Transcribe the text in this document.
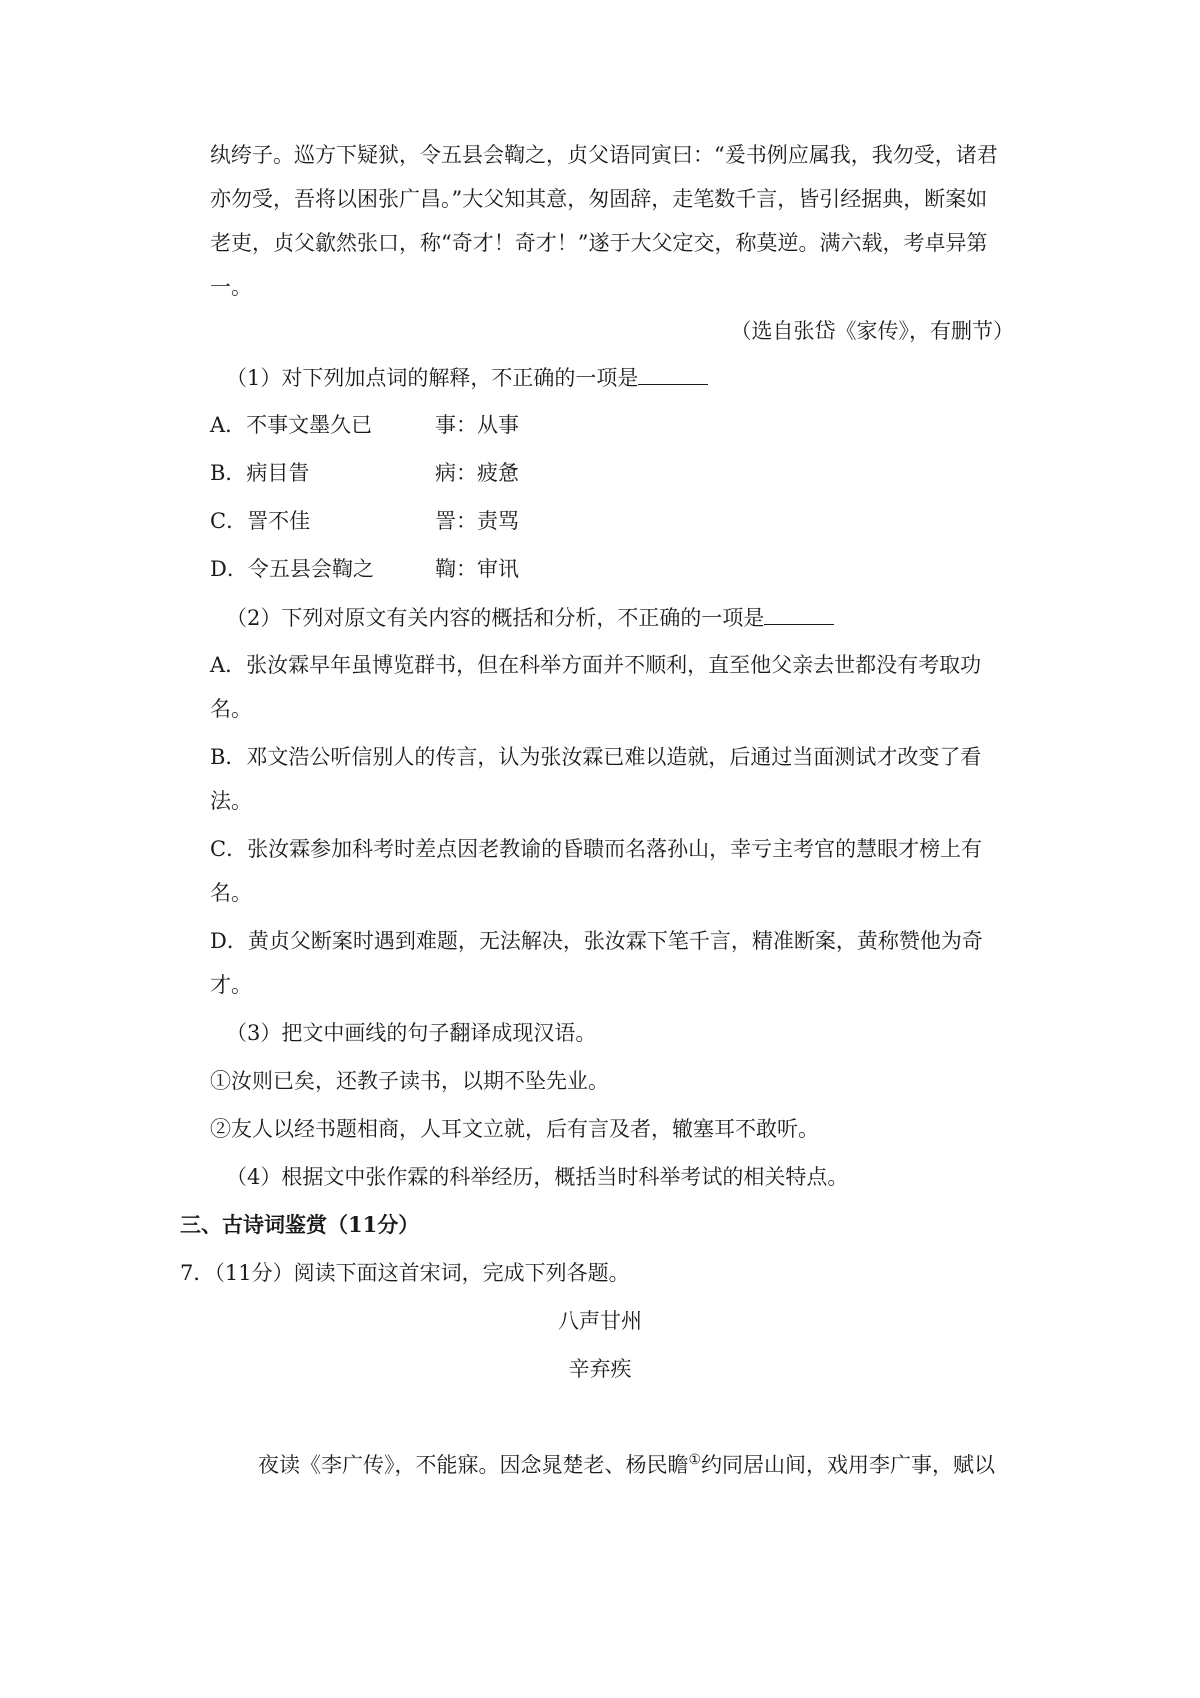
纨绔子。巡方下疑狱，令五县会鞫之，贞父语同寅曰：“爰书例应属我，我勿受，诸君
亦勿受，吾将以困张广昌。”大父知其意，匆固辞，走笔数千言，皆引经据典，断案如
老吏，贞父歙然张口，称“奇才！奇才！”遂于大父定交，称莫逆。满六载，考卓异第
一。
（选自张岱《家传》，有删节）
（1）对下列加点词的解释，不正确的一项是
A．不事文墨久已	事：从事
B．病目眚	病：疲惫
C．詈不佳	詈：责骂
D．令五县会鞫之	鞫：审讯
（2）下列对原文有关内容的概括和分析，不正确的一项是
A．张汝霖早年虽博览群书，但在科举方面并不顺利，直至他父亲去世都没有考取功
名。
B．邓文浩公听信别人的传言，认为张汝霖已难以造就，后通过当面测试才改变了看
法。
C．张汝霖参加科考时差点因老教谕的昏聩而名落孙山，幸亏主考官的慧眼才榜上有
名。
D．黄贞父断案时遇到难题，无法解决，张汝霖下笔千言，精准断案，黄称赞他为奇
才。
（3）把文中画线的句子翻译成现汉语。
①汝则已矣，还教子读书，以期不坠先业。
②友人以经书题相商，人耳文立就，后有言及者，辙塞耳不敢听。
（4）根据文中张作霖的科举经历，概括当时科举考试的相关特点。
三、古诗词鉴赏（11分）
7．（11分）阅读下面这首宋词，完成下列各题。
八声甘州
辛弃疾
夜读《李广传》，不能寐。因念晁楚老、杨民瞻①约同居山间，戏用李广事，赋以
